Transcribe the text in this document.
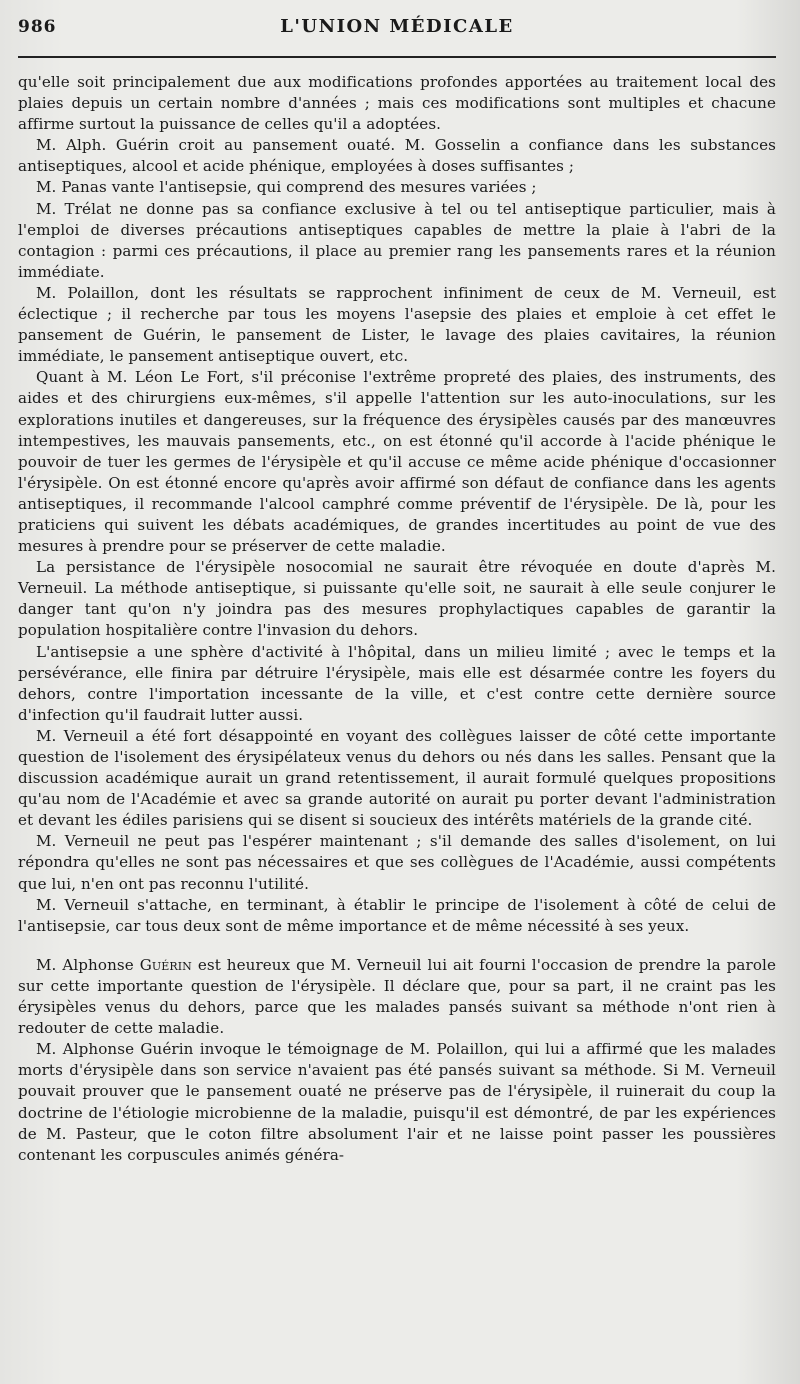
986	L'UNION MÉDICALE

qu'elle soit principalement due aux modifications profondes apportées au traitement local des plaies depuis un certain nombre d'années ; mais ces modifications sont multiples et chacune affirme surtout la puissance de celles qu'il a adoptées.

M. Alph. Guérin croit au pansement ouaté. M. Gosselin a confiance dans les substances antiseptiques, alcool et acide phénique, employées à doses suffisantes ;

M. Panas vante l'antisepsie, qui comprend des mesures variées ;

M. Trélat ne donne pas sa confiance exclusive à tel ou tel antiseptique particulier, mais à l'emploi de diverses précautions antiseptiques capables de mettre la plaie à l'abri de la contagion : parmi ces précautions, il place au premier rang les pansements rares et la réunion immédiate.

M. Polaillon, dont les résultats se rapprochent infiniment de ceux de M. Verneuil, est éclectique ; il recherche par tous les moyens l'asepsie des plaies et emploie à cet effet le pansement de Guérin, le pansement de Lister, le lavage des plaies cavitaires, la réunion immédiate, le pansement antiseptique ouvert, etc.

Quant à M. Léon Le Fort, s'il préconise l'extrême propreté des plaies, des instruments, des aides et des chirurgiens eux-mêmes, s'il appelle l'attention sur les auto-inoculations, sur les explorations inutiles et dangereuses, sur la fréquence des érysipèles causés par des manœuvres intempestives, les mauvais pansements, etc., on est étonné qu'il accorde à l'acide phénique le pouvoir de tuer les germes de l'érysipèle et qu'il accuse ce même acide phénique d'occasionner l'érysipèle. On est étonné encore qu'après avoir affirmé son défaut de confiance dans les agents antiseptiques, il recommande l'alcool camphré comme préventif de l'érysipèle. De là, pour les praticiens qui suivent les débats académiques, de grandes incertitudes au point de vue des mesures à prendre pour se préserver de cette maladie.

La persistance de l'érysipèle nosocomial ne saurait être révoquée en doute d'après M. Verneuil. La méthode antiseptique, si puissante qu'elle soit, ne saurait à elle seule conjurer le danger tant qu'on n'y joindra pas des mesures prophylactiques capables de garantir la population hospitalière contre l'invasion du dehors.

L'antisepsie a une sphère d'activité à l'hôpital, dans un milieu limité ; avec le temps et la persévérance, elle finira par détruire l'érysipèle, mais elle est désarmée contre les foyers du dehors, contre l'importation incessante de la ville, et c'est contre cette dernière source d'infection qu'il faudrait lutter aussi.

M. Verneuil a été fort désappointé en voyant des collègues laisser de côté cette importante question de l'isolement des érysipélateux venus du dehors ou nés dans les salles. Pensant que la discussion académique aurait un grand retentissement, il aurait formulé quelques propositions qu'au nom de l'Académie et avec sa grande autorité on aurait pu porter devant l'administration et devant les édiles parisiens qui se disent si soucieux des intérêts matériels de la grande cité.

M. Verneuil ne peut pas l'espérer maintenant ; s'il demande des salles d'isolement, on lui répondra qu'elles ne sont pas nécessaires et que ses collègues de l'Académie, aussi compétents que lui, n'en ont pas reconnu l'utilité.

M. Verneuil s'attache, en terminant, à établir le principe de l'isolement à côté de celui de l'antisepsie, car tous deux sont de même importance et de même nécessité à ses yeux.

M. Alphonse Guérin est heureux que M. Verneuil lui ait fourni l'occasion de prendre la parole sur cette importante question de l'érysipèle. Il déclare que, pour sa part, il ne craint pas les érysipèles venus du dehors, parce que les malades pansés suivant sa méthode n'ont rien à redouter de cette maladie.

M. Alphonse Guérin invoque le témoignage de M. Polaillon, qui lui a affirmé que les malades morts d'érysipèle dans son service n'avaient pas été pansés suivant sa méthode. Si M. Verneuil pouvait prouver que le pansement ouaté ne préserve pas de l'érysipèle, il ruinerait du coup la doctrine de l'étiologie microbienne de la maladie, puisqu'il est démontré, de par les expériences de M. Pasteur, que le coton filtre absolument l'air et ne laisse point passer les poussières contenant les corpuscules animés généra-
